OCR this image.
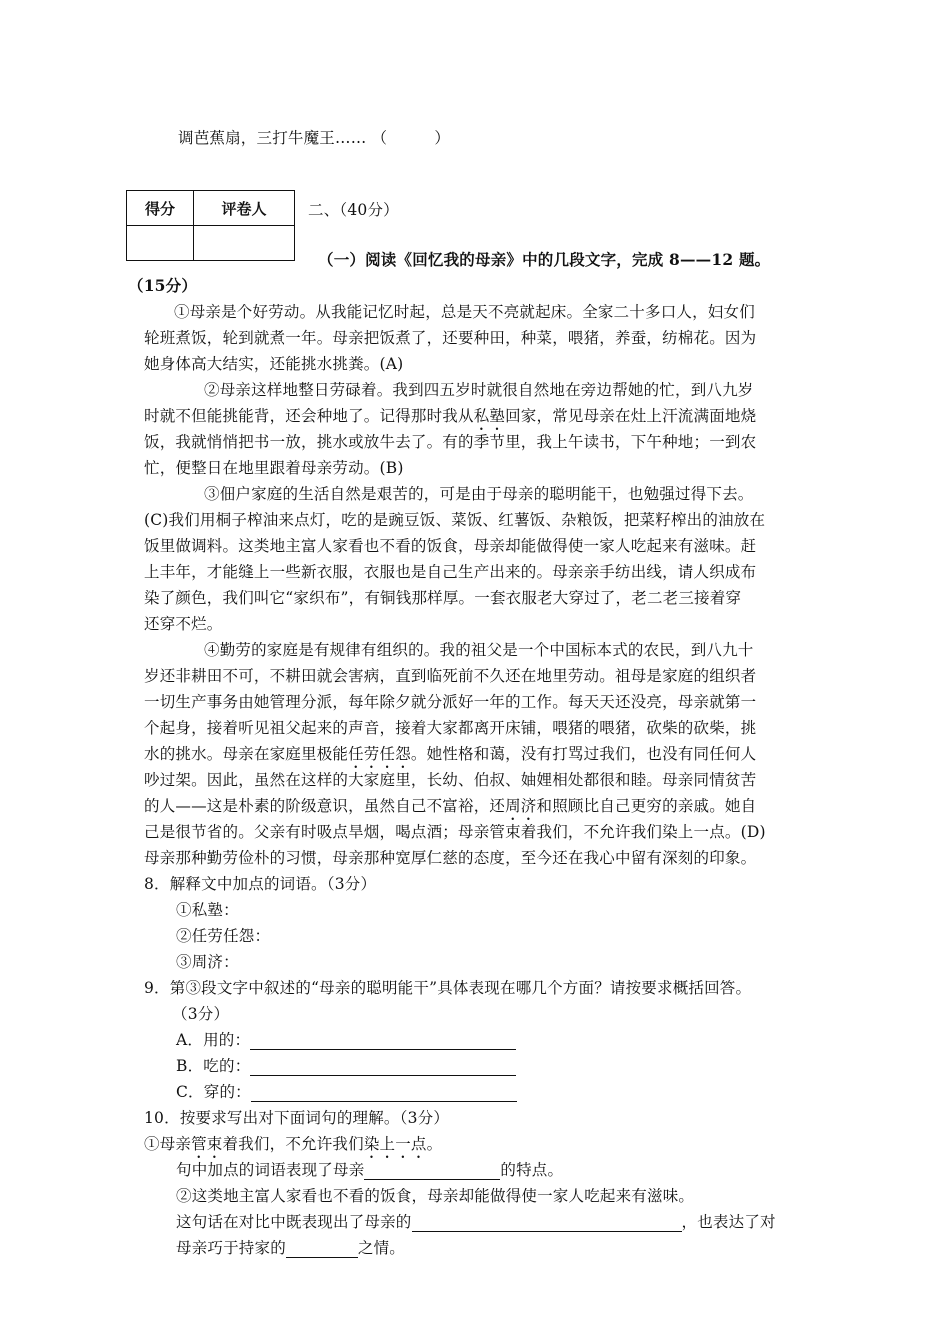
调芭蕉扇，三打牛魔王…… （　　　）
得分	评卷人
		二、（40分）
（一）阅读《回忆我的母亲》中的几段文字，完成 8——12 题。
（15分）
①母亲是个好劳动。从我能记忆时起，总是天不亮就起床。全家二十多口人，妇女们
轮班煮饭，轮到就煮一年。母亲把饭煮了，还要种田，种菜，喂猪，养蚕，纺棉花。因为
她身体高大结实，还能挑水挑粪。(A)
②母亲这样地整日劳碌着。我到四五岁时就很自然地在旁边帮她的忙，到八九岁
时就不但能挑能背，还会种地了。记得那时我从私塾回家，常见母亲在灶上汗流满面地烧
饭，我就悄悄把书一放，挑水或放牛去了。有的季节里，我上午读书，下午种地；一到农
忙，便整日在地里跟着母亲劳动。(B)
③佃户家庭的生活自然是艰苦的，可是由于母亲的聪明能干，也勉强过得下去。
(C)我们用桐子榨油来点灯，吃的是豌豆饭、菜饭、红薯饭、杂粮饭，把菜籽榨出的油放在
饭里做调料。这类地主富人家看也不看的饭食，母亲却能做得使一家人吃起来有滋味。赶
上丰年，才能缝上一些新衣服，衣服也是自己生产出来的。母亲亲手纺出线，请人织成布
染了颜色，我们叫它“家织布”，有铜钱那样厚。一套衣服老大穿过了，老二老三接着穿
还穿不烂。
④勤劳的家庭是有规律有组织的。我的祖父是一个中国标本式的农民，到八九十
岁还非耕田不可，不耕田就会害病，直到临死前不久还在地里劳动。祖母是家庭的组织者
一切生产事务由她管理分派，每年除夕就分派好一年的工作。每天天还没亮，母亲就第一
个起身，接着听见祖父起来的声音，接着大家都离开床铺，喂猪的喂猪，砍柴的砍柴，挑
水的挑水。母亲在家庭里极能任劳任怨。她性格和蔼，没有打骂过我们，也没有同任何人
吵过架。因此，虽然在这样的大家庭里，长幼、伯叔、妯娌相处都很和睦。母亲同情贫苦
的人——这是朴素的阶级意识，虽然自己不富裕，还周济和照顾比自己更穷的亲戚。她自
己是很节省的。父亲有时吸点旱烟，喝点酒；母亲管束着我们，不允许我们染上一点。(D)
母亲那种勤劳俭朴的习惯，母亲那种宽厚仁慈的态度，至今还在我心中留有深刻的印象。
8．解释文中加点的词语。（3分）
①私塾：
②任劳任怨：
③周济：
9．第③段文字中叙述的“母亲的聪明能干”具体表现在哪几个方面？请按要求概括回答。
（3分）
A．用的：
B．吃的：
C．穿的：
10．按要求写出对下面词句的理解。（3分）
①母亲管束着我们，不允许我们染上一点。
句中加点的词语表现了母亲	的特点。
②这类地主富人家看也不看的饭食，母亲却能做得使一家人吃起来有滋味。
这句话在对比中既表现出了母亲的	，也表达了对
母亲巧于持家的	之情。
